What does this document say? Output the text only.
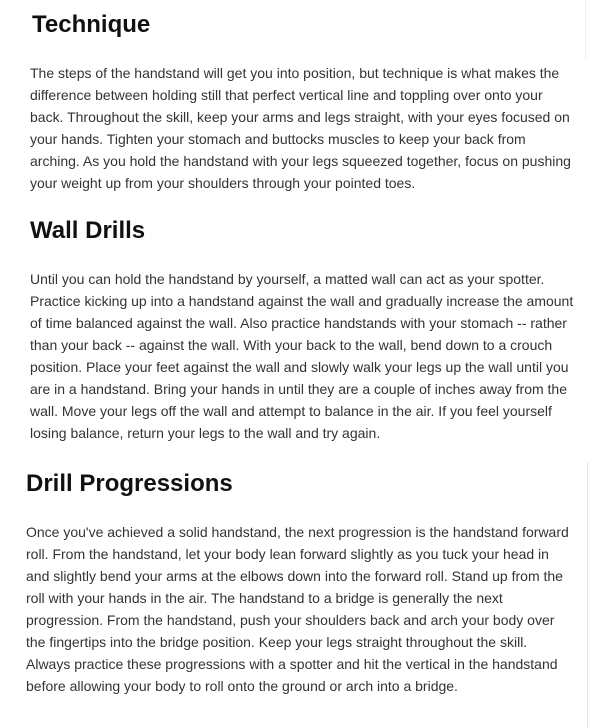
Technique

The steps of the handstand will get you into position, but technique is what makes the difference between holding still that perfect vertical line and toppling over onto your back. Throughout the skill, keep your arms and legs straight, with your eyes focused on your hands. Tighten your stomach and buttocks muscles to keep your back from arching. As you hold the handstand with your legs squeezed together, focus on pushing your weight up from your shoulders through your pointed toes.

Wall Drills

Until you can hold the handstand by yourself, a matted wall can act as your spotter. Practice kicking up into a handstand against the wall and gradually increase the amount of time balanced against the wall. Also practice handstands with your stomach -- rather than your back -- against the wall. With your back to the wall, bend down to a crouch position. Place your feet against the wall and slowly walk your legs up the wall until you are in a handstand. Bring your hands in until they are a couple of inches away from the wall. Move your legs off the wall and attempt to balance in the air. If you feel yourself losing balance, return your legs to the wall and try again.

Drill Progressions

Once you've achieved a solid handstand, the next progression is the handstand forward roll. From the handstand, let your body lean forward slightly as you tuck your head in and slightly bend your arms at the elbows down into the forward roll. Stand up from the roll with your hands in the air. The handstand to a bridge is generally the next progression. From the handstand, push your shoulders back and arch your body over the fingertips into the bridge position. Keep your legs straight throughout the skill. Always practice these progressions with a spotter and hit the vertical in the handstand before allowing your body to roll onto the ground or arch into a bridge.
